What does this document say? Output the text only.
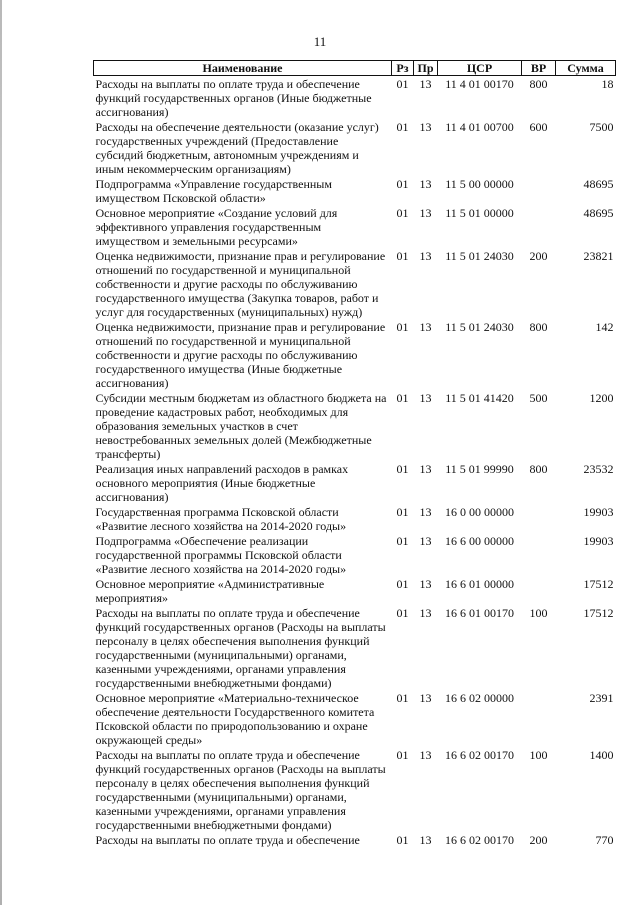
11
Наименование	Рз	Пр	ЦСР	ВР	Сумма
Расходы на выплаты по оплате труда и обеспечение функций государственных органов (Иные бюджетные ассигнования)	01	13	11 4 01 00170	800	18
Расходы на обеспечение деятельности (оказание услуг) государственных учреждений (Предоставление субсидий бюджетным, автономным учреждениям и иным некоммерческим организациям)	01	13	11 4 01 00700	600	7500
Подпрограмма «Управление государственным имуществом Псковской области»	01	13	11 5 00 00000		48695
Основное мероприятие «Создание условий для эффективного управления государственным имуществом и земельными ресурсами»	01	13	11 5 01 00000		48695
Оценка недвижимости, признание прав и регулирование отношений по государственной и муниципальной собственности и другие расходы по обслуживанию государственного имущества (Закупка товаров, работ и услуг для государственных (муниципальных) нужд)	01	13	11 5 01 24030	200	23821
Оценка недвижимости, признание прав и регулирование отношений по государственной и муниципальной собственности и другие расходы по обслуживанию государственного имущества (Иные бюджетные ассигнования)	01	13	11 5 01 24030	800	142
Субсидии местным бюджетам из областного бюджета на проведение кадастровых работ, необходимых для образования земельных участков в счет невостребованных земельных долей (Межбюджетные трансферты)	01	13	11 5 01 41420	500	1200
Реализация иных направлений расходов в рамках основного мероприятия (Иные бюджетные ассигнования)	01	13	11 5 01 99990	800	23532
Государственная программа Псковской области «Развитие лесного хозяйства на 2014-2020 годы»	01	13	16 0 00 00000		19903
Подпрограмма «Обеспечение реализации государственной программы Псковской области «Развитие лесного хозяйства на 2014-2020 годы»	01	13	16 6 00 00000		19903
Основное мероприятие «Административные мероприятия»	01	13	16 6 01 00000		17512
Расходы на выплаты по оплате труда и обеспечение функций государственных органов (Расходы на выплаты персоналу в целях обеспечения выполнения функций государственными (муниципальными) органами, казенными учреждениями, органами управления государственными внебюджетными фондами)	01	13	16 6 01 00170	100	17512
Основное мероприятие «Материально-техническое обеспечение деятельности Государственного комитета Псковской области по природопользованию и охране окружающей среды»	01	13	16 6 02 00000		2391
Расходы на выплаты по оплате труда и обеспечение функций государственных органов (Расходы на выплаты персоналу в целях обеспечения выполнения функций государственными (муниципальными) органами, казенными учреждениями, органами управления государственными внебюджетными фондами)	01	13	16 6 02 00170	100	1400
Расходы на выплаты по оплате труда и обеспечение	01	13	16 6 02 00170	200	770
